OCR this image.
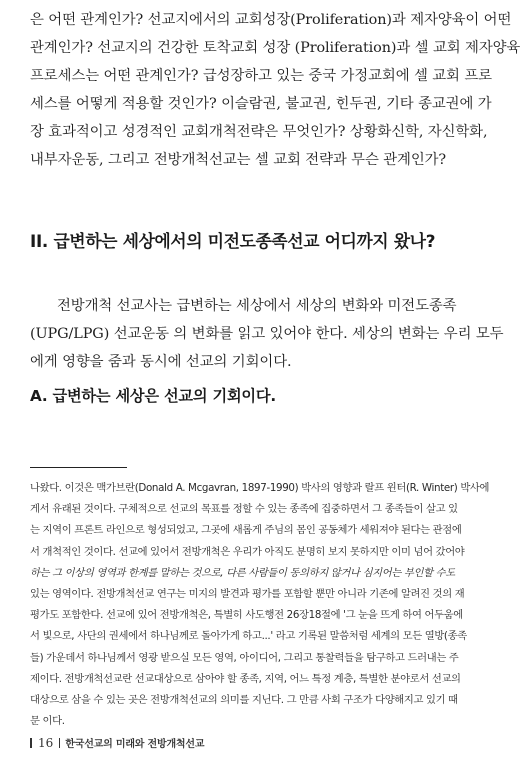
은 어떤 관계인가? 선교지에서의 교회성장(Proliferation)과 제자양육이 어떤

관계인가? 선교지의 건강한 토착교회 성장 (Proliferation)과 셀 교회 제자양육

프로세스는 어떤 관계인가? 급성장하고 있는 중국 가정교회에 셀 교회 프로

세스를 어떻게 적용할 것인가? 이슬람권, 불교권, 힌두권, 기타 종교권에 가

장 효과적이고 성경적인 교회개척전략은 무엇인가? 상황화신학, 자신학화,

내부자운동, 그리고 전방개척선교는 셀 교회 전략과 무슨 관계인가?

II. 급변하는 세상에서의 미전도종족선교 어디까지 왔나?

전방개척 선교사는 급변하는 세상에서 세상의 변화와 미전도종족

(UPG/LPG) 선교운동 의 변화를 읽고 있어야 한다. 세상의 변화는 우리 모두

에게 영향을 줌과 동시에 선교의 기회이다.

A. 급변하는 세상은 선교의 기회이다.

나왔다. 이것은 맥가브란(Donald A. Mcgavran, 1897-1990) 박사의 영향과 랄프 윈터(R. Winter) 박사에

게서 유래된 것이다. 구체적으로 선교의 목표를 정할 수 있는 종족에 집중하면서 그 종족들이 살고 있

는 지역이 프론트 라인으로 형성되었고, 그곳에 새롭게 주님의 몸인 공동체가 세워져야 된다는 관점에

서 개척적인 것이다. 선교에 있어서 전방개척은 우리가 아직도 분명히 보지 못하지만 이미 넘어 갔어야

하는 그 이상의 영역과 한계를 말하는 것으로, 다른 사람들이 동의하지 않거나 심지어는 부인할 수도

있는 영역이다. 전방개척선교 연구는 미지의 발견과 평가를 포함할 뿐만 아니라 기존에 알려진 것의 재

평가도 포함한다. 선교에 있어 전방개척은, 특별히 사도행전 26장18절에 '그 눈을 뜨게 하여 어두움에

서 빛으로, 사단의 권세에서 하나님께로 돌아가게 하고...' 라고 기록된 말씀처럼 세계의 모든 열방(종족

들) 가운데서 하나님께서 영광 받으실 모든 영역, 아이디어, 그리고 통찰력들을 탐구하고 드러내는 주

제이다. 전방개척선교란 선교대상으로 삼아야 할 종족, 지역, 어느 특정 계층, 특별한 분야로서 선교의

대상으로 삼을 수 있는 곳은 전방개척선교의 의미를 지닌다. 그 만큼 사회 구조가 다양해지고 있기 때

문 이다.

16 한국선교의 미래와 전방개척선교
